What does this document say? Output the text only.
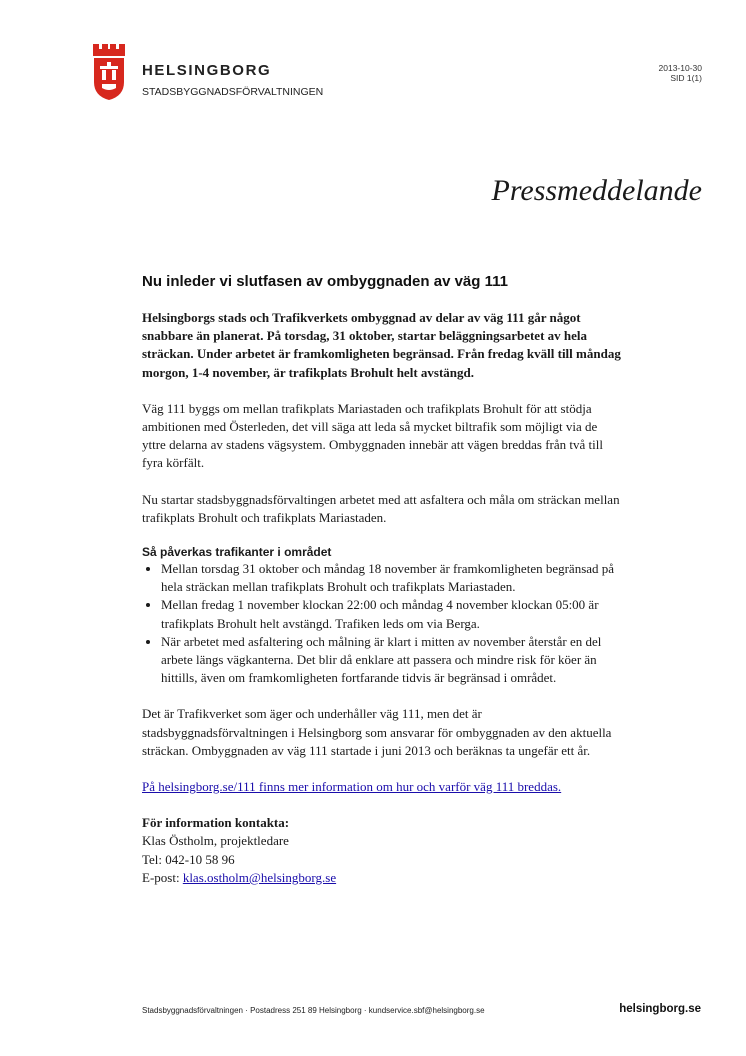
HELSINGBORG
STADSBYGGNADSFÖRVALTNINGEN
2013-10-30
SID 1(1)
Pressmeddelande
Nu inleder vi slutfasen av ombyggnaden av väg 111

Helsingborgs stads och Trafikverkets ombyggnad av delar av väg 111 går något snabbare än planerat. På torsdag, 31 oktober, startar beläggningsarbetet av hela sträckan. Under arbetet är framkomligheten begränsad. Från fredag kväll till måndag morgon, 1-4 november, är trafikplats Brohult helt avstängd.

Väg 111 byggs om mellan trafikplats Mariastaden och trafikplats Brohult för att stödja ambitionen med Österleden, det vill säga att leda så mycket biltrafik som möjligt via de yttre delarna av stadens vägsystem. Ombyggnaden innebär att vägen breddas från två till fyra körfält.

Nu startar stadsbyggnadsförvaltingen arbetet med att asfaltera och måla om sträckan mellan trafikplats Brohult och trafikplats Mariastaden.

Så påverkas trafikanter i området
• Mellan torsdag 31 oktober och måndag 18 november är framkomligheten begränsad på hela sträckan mellan trafikplats Brohult och trafikplats Mariastaden.
• Mellan fredag 1 november klockan 22:00 och måndag 4 november klockan 05:00 är trafikplats Brohult helt avstängd. Trafiken leds om via Berga.
• När arbetet med asfaltering och målning är klart i mitten av november återstår en del arbete längs vägkanterna. Det blir då enklare att passera och mindre risk för köer än hittills, även om framkomligheten fortfarande tidvis är begränsad i området.

Det är Trafikverket som äger och underhåller väg 111, men det är stadsbyggnadsförvaltningen i Helsingborg som ansvarar för ombyggnaden av den aktuella sträckan. Ombyggnaden av väg 111 startade i juni 2013 och beräknas ta ungefär ett år.

På helsingborg.se/111 finns mer information om hur och varför väg 111 breddas.

För information kontakta:

Klas Östholm, projektledare

Tel: 042-10 58 96

E-post: klas.ostholm@helsingborg.se

Stadsbyggnadsförvaltningen · Postadress 251 89 Helsingborg · kundservice.sbf@helsingborg.se	helsingborg.se
